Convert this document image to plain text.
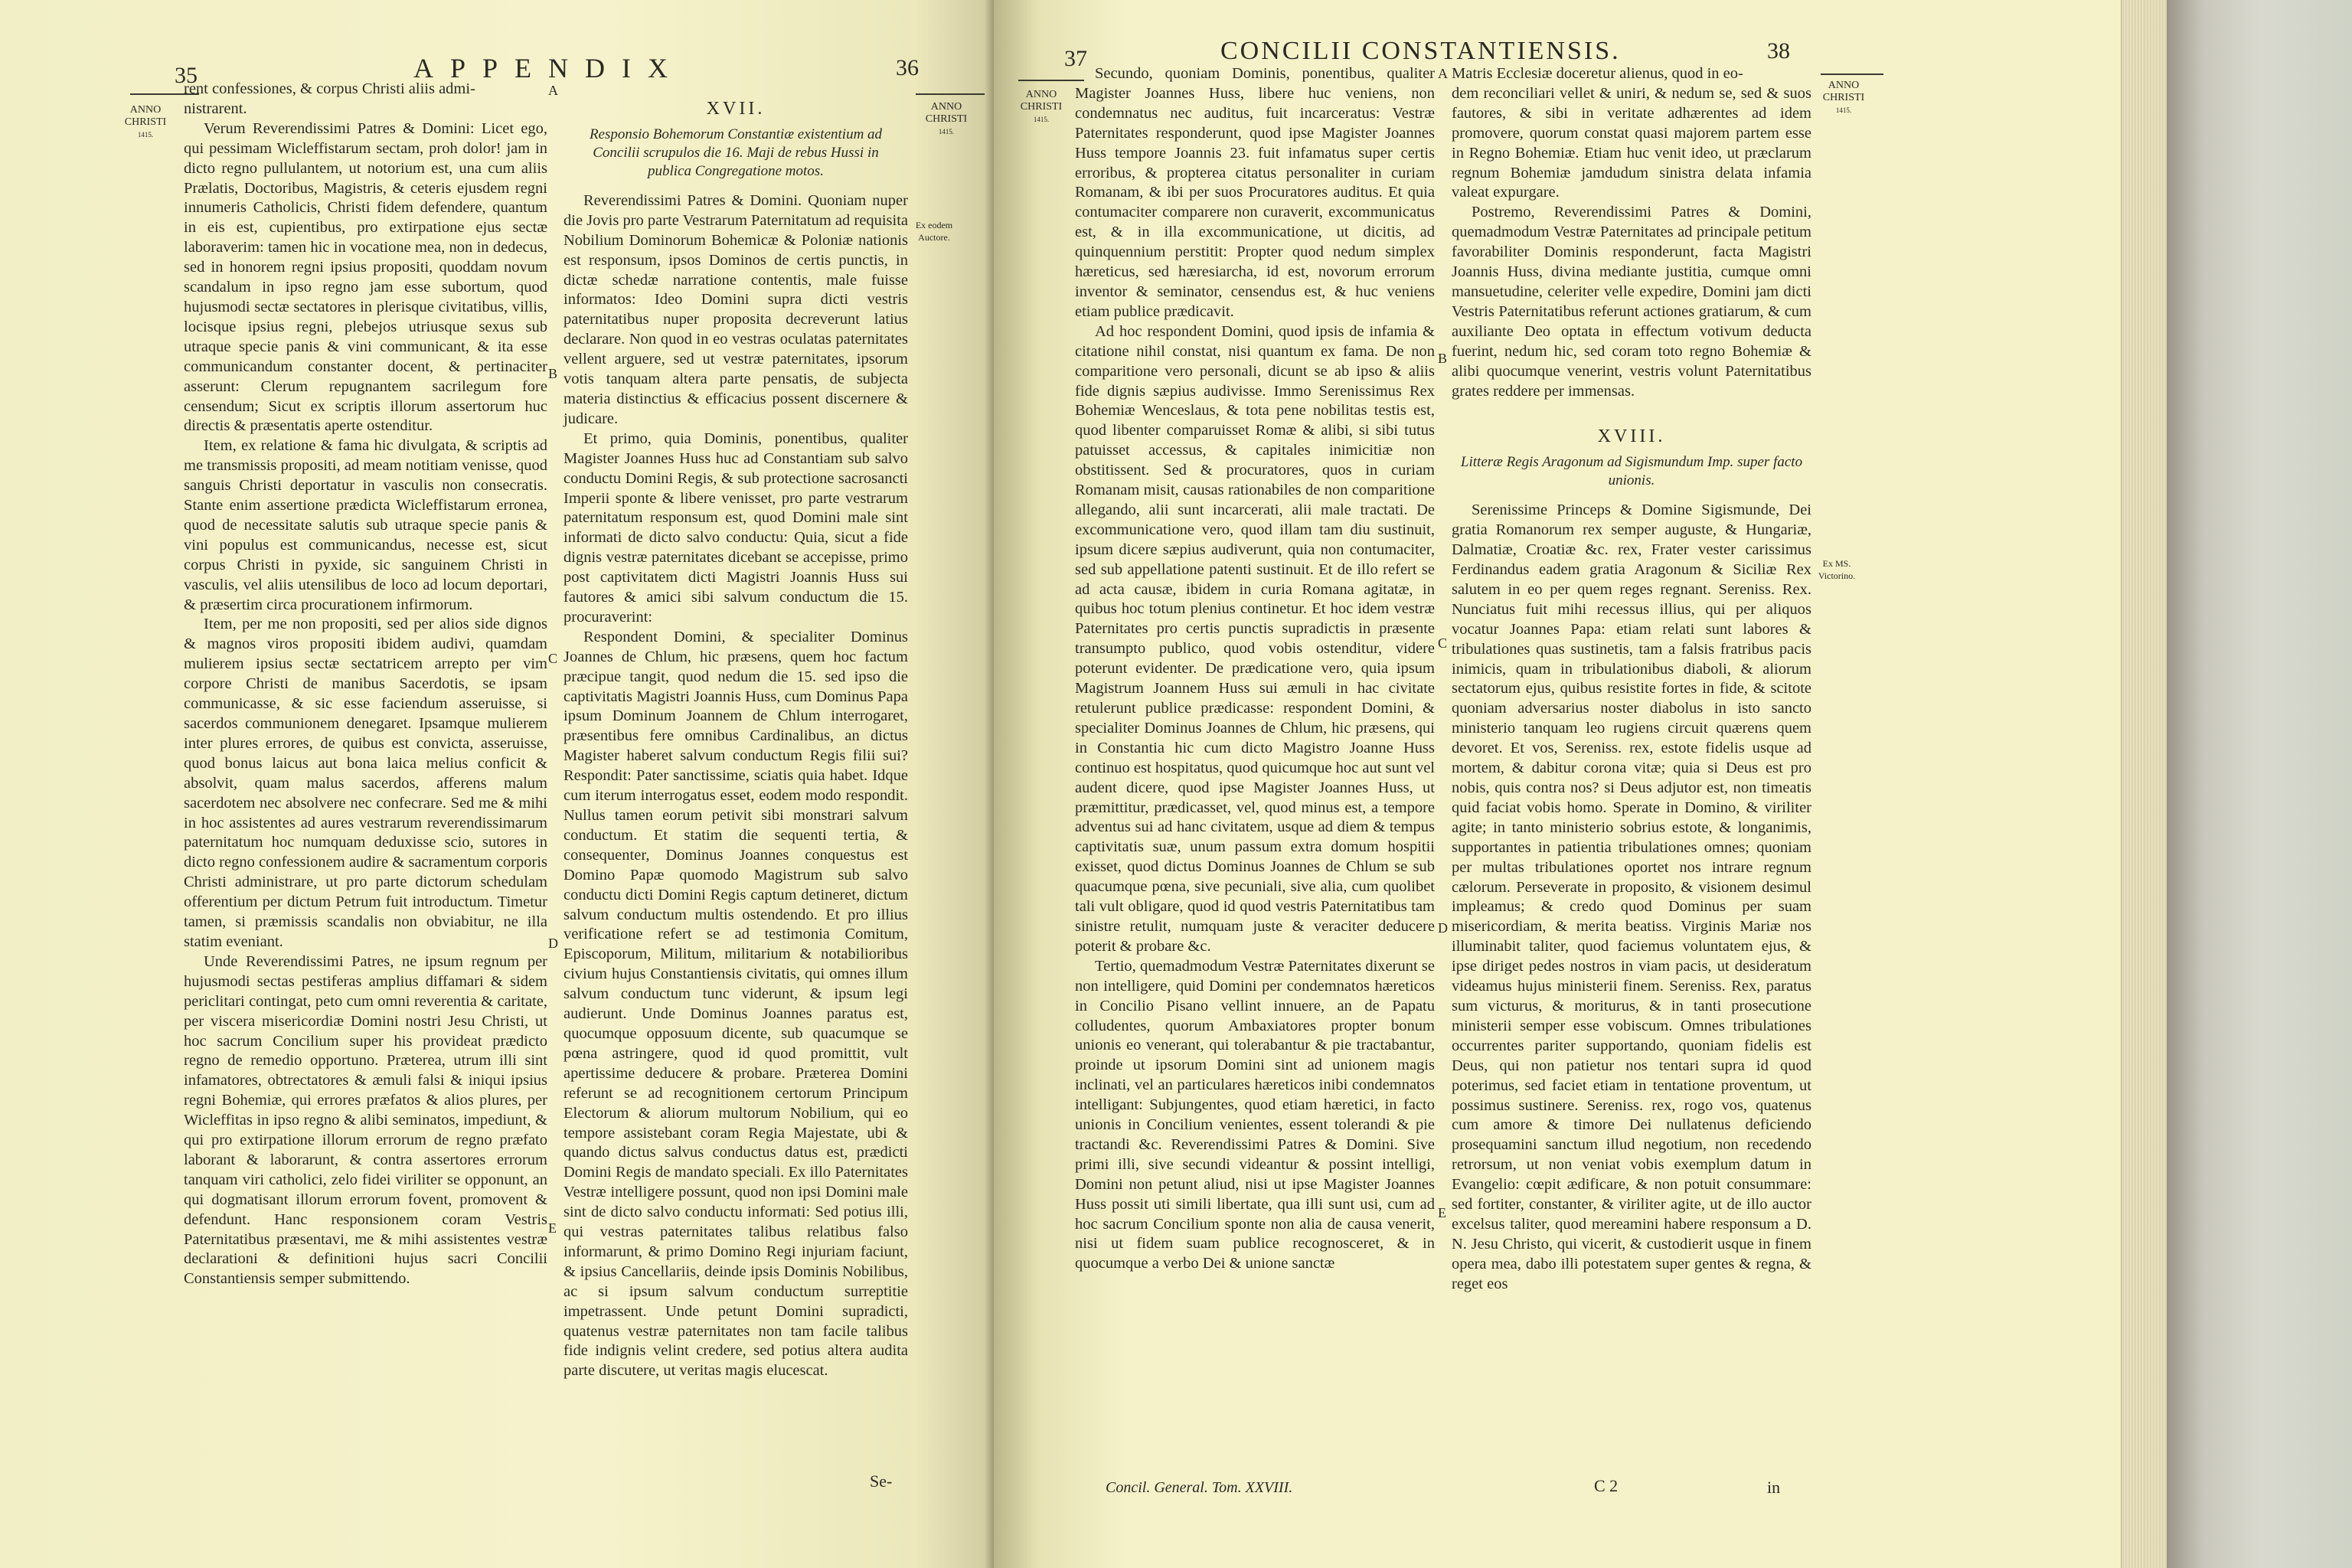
35	APPENDIX	36
ANNO
CHRISTI
1415.
ANNO
CHRISTI
1415.
Ex eodem Auctore.

rent confessiones, & corpus Christi aliis admi-

nistrarent.

Verum Reverendissimi Patres & Domini: Licet ego, qui pessimam Wicleffistarum sectam, proh dolor! jam in dicto regno pullulantem, ut notorium est, una cum aliis Prælatis, Doctoribus, Magistris, & ceteris ejusdem regni innumeris Catholicis, Christi fidem defendere, quantum in eis est, cupientibus, pro extirpatione ejus sectæ laboraverim: tamen hic in vocatione mea, non in dedecus, sed in honorem regni ipsius propositi, quoddam novum scandalum in ipso regno jam esse subortum, quod hujusmodi sectæ sectatores in plerisque civitatibus, villis, locisque ipsius regni, plebejos utriusque sexus sub utraque specie panis & vini communicant, & ita esse communicandum constanter docent, & pertinaciter asserunt: Clerum repugnantem sacrilegum fore censendum; Sicut ex scriptis illorum assertorum huc directis & præsentatis aperte ostenditur.

Item, ex relatione & fama hic divulgata, & scriptis ad me transmissis propositi, ad meam notitiam venisse, quod sanguis Christi deportatur in vasculis non consecratis. Stante enim assertione prædicta Wicleffistarum erronea, quod de necessitate salutis sub utraque specie panis & vini populus est communicandus, necesse est, sicut corpus Christi in pyxide, sic sanguinem Christi in vasculis, vel aliis utensilibus de loco ad locum deportari, & præsertim circa procurationem infirmorum.

Item, per me non propositi, sed per alios side dignos & magnos viros propositi ibidem audivi, quamdam mulierem ipsius sectæ sectatricem arrepto per vim corpore Christi de manibus Sacerdotis, se ipsam communicasse, & sic esse faciendum asseruisse, si sacerdos communionem denegaret. Ipsamque mulierem inter plures errores, de quibus est convicta, asseruisse, quod bonus laicus aut bona laica melius conficit & absolvit, quam malus sacerdos, afferens malum sacerdotem nec absolvere nec confecrare. Sed me & mihi in hoc assistentes ad aures vestrarum reverendissimarum paternitatum hoc numquam deduxisse scio, sutores in dicto regno confessionem audire & sacramentum corporis Christi administrare, ut pro parte dictorum schedulam offerentium per dictum Petrum fuit introductum. Timetur tamen, si præmissis scandalis non obviabitur, ne illa statim eveniant.

Unde Reverendissimi Patres, ne ipsum regnum per hujusmodi sectas pestiferas amplius diffamari & sidem periclitari contingat, peto cum omni reverentia & caritate, per viscera misericordiæ Domini nostri Jesu Christi, ut hoc sacrum Concilium super his provideat prædicto regno de remedio opportuno. Præterea, utrum illi sint infamatores, obtrectatores & æmuli falsi & iniqui ipsius regni Bohemiæ, qui errores præfatos & alios plures, per Wicleffitas in ipso regno & alibi seminatos, impediunt, & qui pro extirpatione illorum errorum de regno præfato laborant & laborarunt, & contra assertores errorum tanquam viri catholici, zelo fidei viriliter se opponunt, an qui dogmatisant illorum errorum fovent, promovent & defendunt. Hanc responsionem coram Vestris Paternitatibus præsentavi, me & mihi assistentes vestræ declarationi & definitioni hujus sacri Concilii Constantiensis semper submittendo.

A
B
C
D
E
XVII.
Responsio Bohemorum Constantiæ existentium ad Concilii scrupulos die 16. Maji de rebus Hussi in publica Congregatione motos.

Reverendissimi Patres & Domini. Quoniam nuper die Jovis pro parte Vestrarum Paternitatum ad requisita Nobilium Dominorum Bohemicæ & Poloniæ nationis est responsum, ipsos Dominos de certis punctis, in dictæ schedæ narratione contentis, male fuisse informatos: Ideo Domini supra dicti vestris paternitatibus nuper proposita decreverunt latius declarare. Non quod in eo vestras oculatas paternitates vellent arguere, sed ut vestræ paternitates, ipsorum votis tanquam altera parte pensatis, de subjecta materia distinctius & efficacius possent discernere & judicare.

Et primo, quia Dominis, ponentibus, qualiter Magister Joannes Huss huc ad Constantiam sub salvo conductu Domini Regis, & sub protectione sacrosancti Imperii sponte & libere venisset, pro parte vestrarum paternitatum responsum est, quod Domini male sint informati de dicto salvo conductu: Quia, sicut a fide dignis vestræ paternitates dicebant se accepisse, primo post captivitatem dicti Magistri Joannis Huss sui fautores & amici sibi salvum conductum die 15. procuraverint:

Respondent Domini, & specialiter Dominus Joannes de Chlum, hic præsens, quem hoc factum præcipue tangit, quod nedum die 15. sed ipso die captivitatis Magistri Joannis Huss, cum Dominus Papa ipsum Dominum Joannem de Chlum interrogaret, præsentibus fere omnibus Cardinalibus, an dictus Magister haberet salvum conductum Regis filii sui? Respondit: Pater sanctissime, sciatis quia habet. Idque cum iterum interrogatus esset, eodem modo respondit. Nullus tamen eorum petivit sibi monstrari salvum conductum. Et statim die sequenti tertia, & consequenter, Dominus Joannes conquestus est Domino Papæ quomodo Magistrum sub salvo conductu dicti Domini Regis captum detineret, dictum salvum conductum multis ostendendo. Et pro illius verificatione refert se ad testimonia Comitum, Episcoporum, Militum, militarium & notabilioribus civium hujus Constantiensis civitatis, qui omnes illum salvum conductum tunc viderunt, & ipsum legi audierunt. Unde Dominus Joannes paratus est, quocumque opposuum dicente, sub quacumque se pœna astringere, quod id quod promittit, vult apertissime deducere & probare. Præterea Domini referunt se ad recognitionem certorum Principum Electorum & aliorum multorum Nobilium, qui eo tempore assistebant coram Regia Majestate, ubi & quando dictus salvus conductus datus est, prædicti Domini Regis de mandato speciali. Ex illo Paternitates Vestræ intelligere possunt, quod non ipsi Domini male sint de dicto salvo conductu informati: Sed potius illi, qui vestras paternitates talibus relatibus falso informarunt, & primo Domino Regi injuriam faciunt, & ipsius Cancellariis, deinde ipsis Dominis Nobilibus, ac si ipsum salvum conductum surreptitie impetrassent. Unde petunt Domini supradicti, quatenus vestræ paternitates non tam facile talibus fide indignis velint credere, sed potius altera audita parte discutere, ut veritas magis elucescat.

Se-
37	CONCILII CONSTANTIENSIS.	38
ANNO
CHRISTI
1415.
ANNO
CHRISTI
1415.
Ex MS. Victorino.

Secundo, quoniam Dominis, ponentibus, qualiter Magister Joannes Huss, libere huc veniens, non condemnatus nec auditus, fuit incarceratus: Vestræ Paternitates responderunt, quod ipse Magister Joannes Huss tempore Joannis 23. fuit infamatus super certis erroribus, & propterea citatus personaliter in curiam Romanam, & ibi per suos Procuratores auditus. Et quia contumaciter comparere non curaverit, excommunicatus est, & in illa excommunicatione, ut dicitis, ad quinquennium perstitit: Propter quod nedum simplex hæreticus, sed hæresiarcha, id est, novorum errorum inventor & seminator, censendus est, & huc veniens etiam publice prædicavit.

Ad hoc respondent Domini, quod ipsis de infamia & citatione nihil constat, nisi quantum ex fama. De non comparitione vero personali, dicunt se ab ipso & aliis fide dignis sæpius audivisse. Immo Serenissimus Rex Bohemiæ Wenceslaus, & tota pene nobilitas testis est, quod libenter comparuisset Romæ & alibi, si sibi tutus patuisset accessus, & capitales inimicitiæ non obstitissent. Sed & procuratores, quos in curiam Romanam misit, causas rationabiles de non comparitione allegando, alii sunt incarcerati, alii male tractati. De excommunicatione vero, quod illam tam diu sustinuit, ipsum dicere sæpius audiverunt, quia non contumaciter, sed sub appellatione patenti sustinuit. Et de illo refert se ad acta causæ, ibidem in curia Romana agitatæ, in quibus hoc totum plenius continetur. Et hoc idem vestræ Paternitates pro certis punctis supradictis in præsente transumpto publico, quod vobis ostenditur, videre poterunt evidenter. De prædicatione vero, quia ipsum Magistrum Joannem Huss sui æmuli in hac civitate retulerunt publice prædicasse: respondent Domini, & specialiter Dominus Joannes de Chlum, hic præsens, qui in Constantia hic cum dicto Magistro Joanne Huss continuo est hospitatus, quod quicumque hoc aut sunt vel audent dicere, quod ipse Magister Joannes Huss, ut præmittitur, prædicasset, vel, quod minus est, a tempore adventus sui ad hanc civitatem, usque ad diem & tempus captivitatis suæ, unum passum extra domum hospitii exisset, quod dictus Dominus Joannes de Chlum se sub quacumque pœna, sive pecuniali, sive alia, cum quolibet tali vult obligare, quod id quod vestris Paternitatibus tam sinistre retulit, numquam juste & veraciter deducere poterit & probare &c.

Tertio, quemadmodum Vestræ Paternitates dixerunt se non intelligere, quid Domini per condemnatos hæreticos in Concilio Pisano vellint innuere, an de Papatu colludentes, quorum Ambaxiatores propter bonum unionis eo venerant, qui tolerabantur & pie tractabantur, proinde ut ipsorum Domini sint ad unionem magis inclinati, vel an particulares hæreticos inibi condemnatos intelligant: Subjungentes, quod etiam hæretici, in facto unionis in Concilium venientes, essent tolerandi & pie tractandi &c. Reverendissimi Patres & Domini. Sive primi illi, sive secundi videantur & possint intelligi, Domini non petunt aliud, nisi ut ipse Magister Joannes Huss possit uti simili libertate, qua illi sunt usi, cum ad hoc sacrum Concilium sponte non alia de causa venerit, nisi ut fidem suam publice recognosceret, & in quocumque a verbo Dei & unione sanctæ

A
B
C
D
E

Matris Ecclesiæ doceretur alienus, quod in eo-

dem reconciliari vellet & uniri, & nedum se, sed & suos fautores, & sibi in veritate adhærentes ad idem promovere, quorum constat quasi majorem partem esse in Regno Bohemiæ. Etiam huc venit ideo, ut præclarum regnum Bohemiæ jamdudum sinistra delata infamia valeat expurgare.

Postremo, Reverendissimi Patres & Domini, quemadmodum Vestræ Paternitates ad principale petitum favorabiliter Dominis responderunt, facta Magistri Joannis Huss, divina mediante justitia, cumque omni mansuetudine, celeriter velle expedire, Domini jam dicti Vestris Paternitatibus referunt actiones gratiarum, & cum auxiliante Deo optata in effectum votivum deducta fuerint, nedum hic, sed coram toto regno Bohemiæ & alibi quocumque venerint, vestris volunt Paternitatibus grates reddere per immensas.

XVIII.
Litteræ Regis Aragonum ad Sigismundum Imp. super facto unionis.

Serenissime Princeps & Domine Sigismunde, Dei gratia Romanorum rex semper auguste, & Hungariæ, Dalmatiæ, Croatiæ &c. rex, Frater vester carissimus Ferdinandus eadem gratia Aragonum & Siciliæ Rex salutem in eo per quem reges regnant. Sereniss. Rex. Nunciatus fuit mihi recessus illius, qui per aliquos vocatur Joannes Papa: etiam relati sunt labores & tribulationes quas sustinetis, tam a falsis fratribus pacis inimicis, quam in tribulationibus diaboli, & aliorum sectatorum ejus, quibus resistite fortes in fide, & scitote quoniam adversarius noster diabolus in isto sancto ministerio tanquam leo rugiens circuit quærens quem devoret. Et vos, Sereniss. rex, estote fidelis usque ad mortem, & dabitur corona vitæ; quia si Deus est pro nobis, quis contra nos? si Deus adjutor est, non timeatis quid faciat vobis homo. Sperate in Domino, & viriliter agite; in tanto ministerio sobrius estote, & longanimis, supportantes in patientia tribulationes omnes; quoniam per multas tribulationes oportet nos intrare regnum cælorum. Perseverate in proposito, & visionem desimul impleamus; & credo quod Dominus per suam misericordiam, & merita beatiss. Virginis Mariæ nos illuminabit taliter, quod faciemus voluntatem ejus, & ipse diriget pedes nostros in viam pacis, ut desideratum videamus hujus ministerii finem. Sereniss. Rex, paratus sum victurus, & moriturus, & in tanti prosecutione ministerii semper esse vobiscum. Omnes tribulationes occurrentes pariter supportando, quoniam fidelis est Deus, qui non patietur nos tentari supra id quod poterimus, sed faciet etiam in tentatione proventum, ut possimus sustinere. Sereniss. rex, rogo vos, quatenus cum amore & timore Dei nullatenus deficiendo prosequamini sanctum illud negotium, non recedendo retrorsum, ut non veniat vobis exemplum datum in Evangelio: cœpit ædificare, & non potuit consummare: sed fortiter, constanter, & viriliter agite, ut de illo auctor excelsus taliter, quod mereamini habere responsum a D. N. Jesu Christo, qui vicerit, & custodierit usque in finem opera mea, dabo illi potestatem super gentes & regna, & reget eos

Concil. General. Tom. XXVIII.	C 2	in
